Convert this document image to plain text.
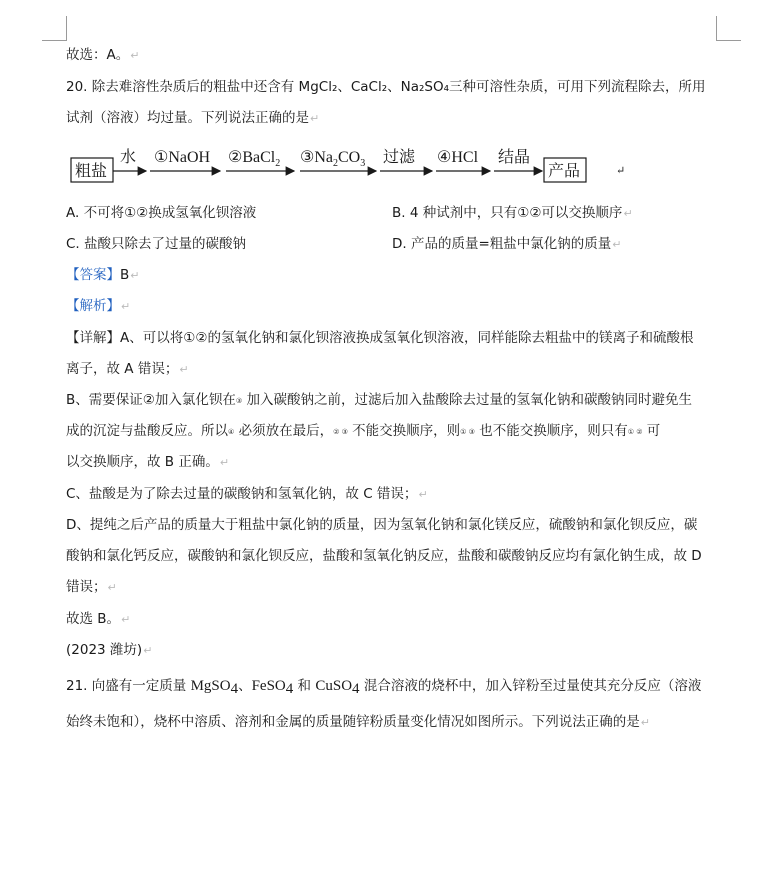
故选：A。↵
20. 除去难溶性杂质后的粗盐中还含有 MgCl₂、CaCl₂、Na₂SO₄三种可溶性杂质，可用下列流程除去，所用
试剂（溶液）均过量。下列说法正确的是↵
粗盐
水 ①NaOH ②BaCl$_2$ $③Na_2CO_3$ 过滤 ④HCl 结晶
产品	↵
A. 不可将①②换成氢氧化钡溶液	B. 4 种试剂中，只有①②可以交换顺序↵
C. 盐酸只除去了过量的碳酸钠	D. 产品的质量=粗盐中氯化钠的质量↵
【答案】B↵
【解析】↵
【详解】A、可以将①②的氢氧化钠和氯化钡溶液换成氢氧化钡溶液，同样能除去粗盐中的镁离子和硫酸根
离子，故 A 错误；↵
B、需要保证②加入氯化钡在③ 加入碳酸钠之前，过滤后加入盐酸除去过量的氢氧化钠和碳酸钠同时避免生
成的沉淀与盐酸反应。所以④ 必须放在最后，② ③ 不能交换顺序，则① ③ 也不能交换顺序，则只有① ② 可
以交换顺序，故 B 正确。↵
C、盐酸是为了除去过量的碳酸钠和氢氧化钠，故 C 错误；↵
D、提纯之后产品的质量大于粗盐中氯化钠的质量，因为氢氧化钠和氯化镁反应，硫酸钠和氯化钡反应，碳
酸钠和氯化钙反应，碳酸钠和氯化钡反应，盐酸和氢氧化钠反应，盐酸和碳酸钠反应均有氯化钠生成，故 D
错误；↵
故选 B。↵
(2023 潍坊)↵
21. 向盛有一定质量 MgSO4、FeSO4 和 CuSO4 混合溶液的烧杯中，加入锌粉至过量使其充分反应（溶液
始终未饱和），烧杯中溶质、溶剂和金属的质量随锌粉质量变化情况如图所示。下列说法正确的是↵
